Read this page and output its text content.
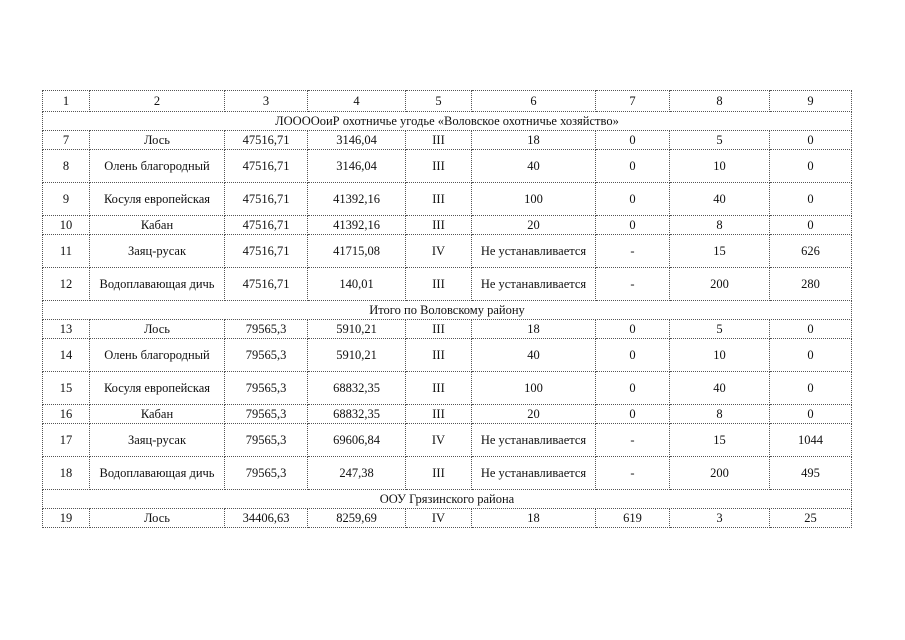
1	2	3	4	5	6	7	8	9
ЛООООоиР охотничье угодье «Воловское охотничье хозяйство»								
7	Лось	47516,71	3146,04	III	18	0	5	0
8	Олень благородный	47516,71	3146,04	III	40	0	10	0
9	Косуля европейская	47516,71	41392,16	III	100	0	40	0
10	Кабан	47516,71	41392,16	III	20	0	8	0
11	Заяц-русак	47516,71	41715,08	IV	Не устанавливается	-	15	626
12	Водоплавающая дичь	47516,71	140,01	III	Не устанавливается	-	200	280
Итого по Воловскому району								
13	Лось	79565,3	5910,21	III	18	0	5	0
14	Олень благородный	79565,3	5910,21	III	40	0	10	0
15	Косуля европейская	79565,3	68832,35	III	100	0	40	0
16	Кабан	79565,3	68832,35	III	20	0	8	0
17	Заяц-русак	79565,3	69606,84	IV	Не устанавливается	-	15	1044
18	Водоплавающая дичь	79565,3	247,38	III	Не устанавливается	-	200	495
ООУ Грязинского района								
19	Лось	34406,63	8259,69	IV	18	619	3	25
